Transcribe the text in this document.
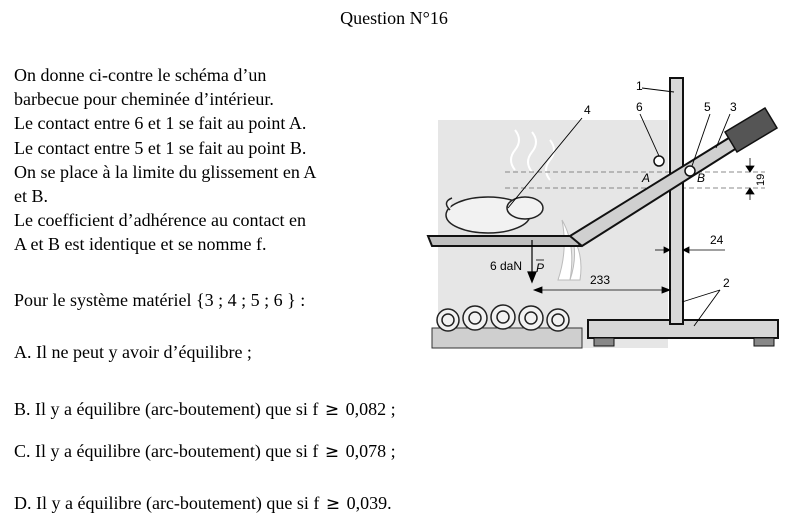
Question N°16
On donne ci-contre le schéma d’un
barbecue pour cheminée d’intérieur.
Le contact entre 6 et 1 se fait au point A.
Le contact entre 5 et 1 se fait au point B.
On se place à la limite du glissement en A
et B.
Le coefficient d’adhérence au contact en
A et B est identique et se nomme f.
Pour le système matériel {3 ; 4 ; 5 ; 6 } :
A. Il ne peut y avoir d’équilibre ;
B. Il y a équilibre (arc-boutement) que si f ≥ 0,082 ;
C. Il y a équilibre (arc-boutement) que si f ≥ 0,078 ;
D. Il y a équilibre (arc-boutement) que si f ≥ 0,039.
1
2
3
4	5
6
A	B	19
24
233
6 daN P
